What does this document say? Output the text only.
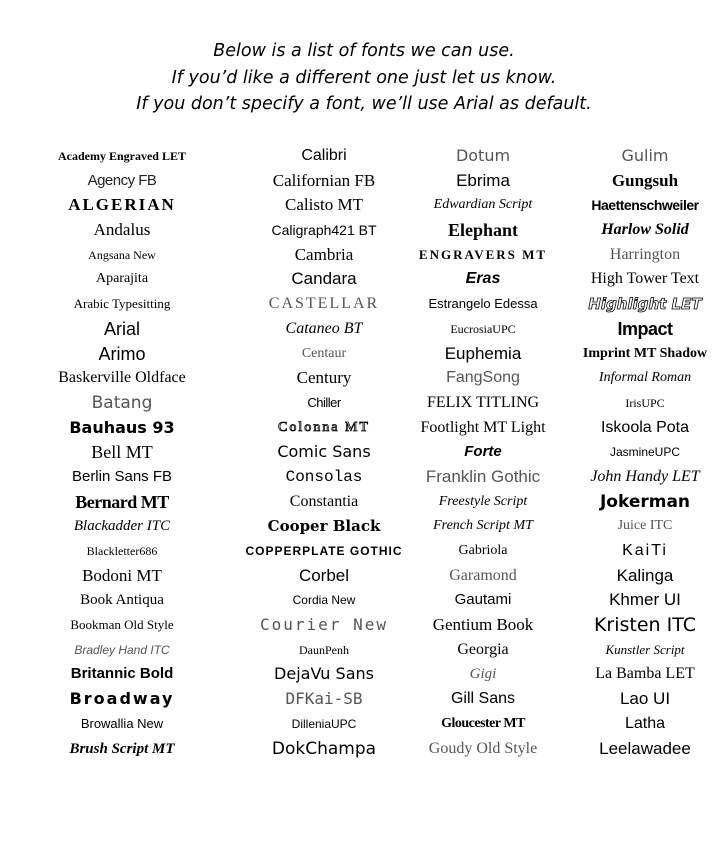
Below is a list of fonts we can use.
If you’d like a different one just let us know.
If you don’t specify a font, we’ll use Arial as default.
Academy Engraved LET
Agency FB
ALGERIAN
Andalus
Angsana New
Aparajita
Arabic Typesitting
Arial
Arimo
Baskerville Oldface
Batang
Bauhaus 93
Bell MT
Berlin Sans FB
Bernard MT
Blackadder ITC
Blackletter686
Bodoni MT
Book Antiqua
Bookman Old Style
Bradley Hand ITC
Britannic Bold
Broadway
Browallia New
Brush Script MT
Calibri
Californian FB
Calisto MT
Caligraph421 BT
Cambria
Candara
CASTELLAR
Cataneo BT
Centaur
Century
Chiller
Colonna MT
Comic Sans
Consolas
Constantia
Cooper Black
COPPERPLATE GOTHIC
Corbel
Cordia New
Courier New
DaunPenh
DejaVu Sans
DFKai-SB
DilleniaUPC
DokChampa
Dotum
Ebrima
Edwardian Script
Elephant
ENGRAVERS MT
Eras
Estrangelo Edessa
EucrosiaUPC
Euphemia
FangSong
FELIX TITLING
Footlight MT Light
Forte
Franklin Gothic
Freestyle Script
French Script MT
Gabriola
Garamond
Gautami
Gentium Book
Georgia
Gigi
Gill Sans
Gloucester MT
Goudy Old Style
Gulim
Gungsuh
Haettenschweiler
Harlow Solid
Harrington
High Tower Text
Highlight LET
Impact
Imprint MT Shadow
Informal Roman
IrisUPC
Iskoola Pota
JasmineUPC
John Handy LET
Jokerman
Juice ITC
KaiTi
Kalinga
Khmer UI
Kristen ITC
Kunstler Script
La Bamba LET
Lao UI
Latha
Leelawadee
